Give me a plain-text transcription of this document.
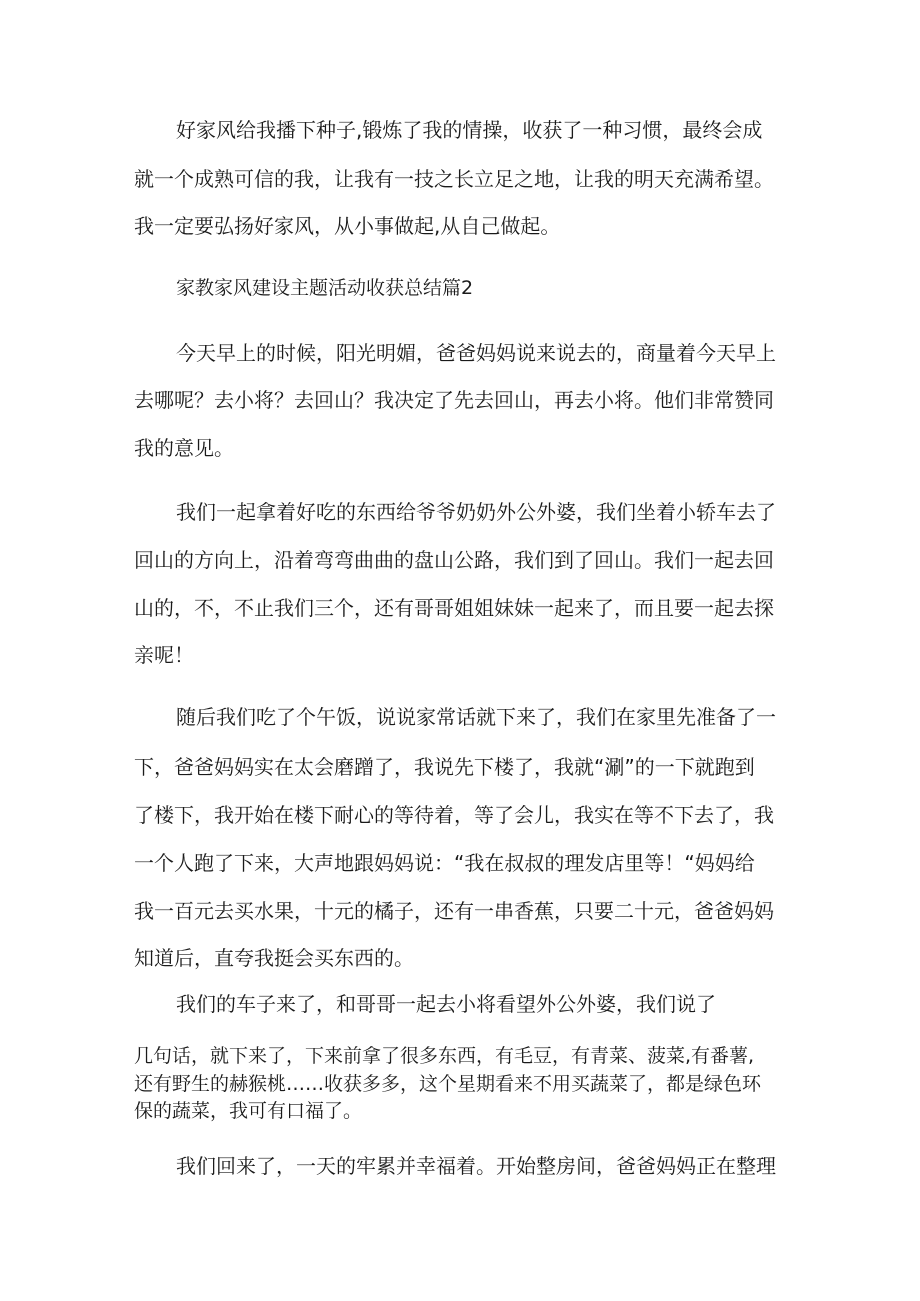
好家风给我播下种子,锻炼了我的情操，收获了一种习惯，最终会成

就一个成熟可信的我，让我有一技之长立足之地，让我的明天充满希望。

我一定要弘扬好家风，从小事做起,从自己做起。

家教家风建设主题活动收获总结篇2

今天早上的时候，阳光明媚，爸爸妈妈说来说去的，商量着今天早上

去哪呢？去小将？去回山？我决定了先去回山，再去小将。他们非常赞同

我的意见。

我们一起拿着好吃的东西给爷爷奶奶外公外婆，我们坐着小轿车去了

回山的方向上，沿着弯弯曲曲的盘山公路，我们到了回山。我们一起去回

山的，不，不止我们三个，还有哥哥姐姐妹妹一起来了，而且要一起去探

亲呢！

随后我们吃了个午饭，说说家常话就下来了，我们在家里先准备了一

下，爸爸妈妈实在太会磨蹭了，我说先下楼了，我就“涮”的一下就跑到

了楼下，我开始在楼下耐心的等待着，等了会儿，我实在等不下去了，我

一个人跑了下来，大声地跟妈妈说：“我在叔叔的理发店里等！“妈妈给

我一百元去买水果，十元的橘子，还有一串香蕉，只要二十元，爸爸妈妈

知道后，直夸我挺会买东西的。

我们的车子来了，和哥哥一起去小将看望外公外婆，我们说了

几句话，就下来了，下来前拿了很多东西，有毛豆，有青菜、菠菜,有番薯,

还有野生的赫猴桃……收获多多，这个星期看来不用买蔬菜了，都是绿色环

保的蔬菜，我可有口福了。

我们回来了，一天的牢累并幸福着。开始整房间，爸爸妈妈正在整理
